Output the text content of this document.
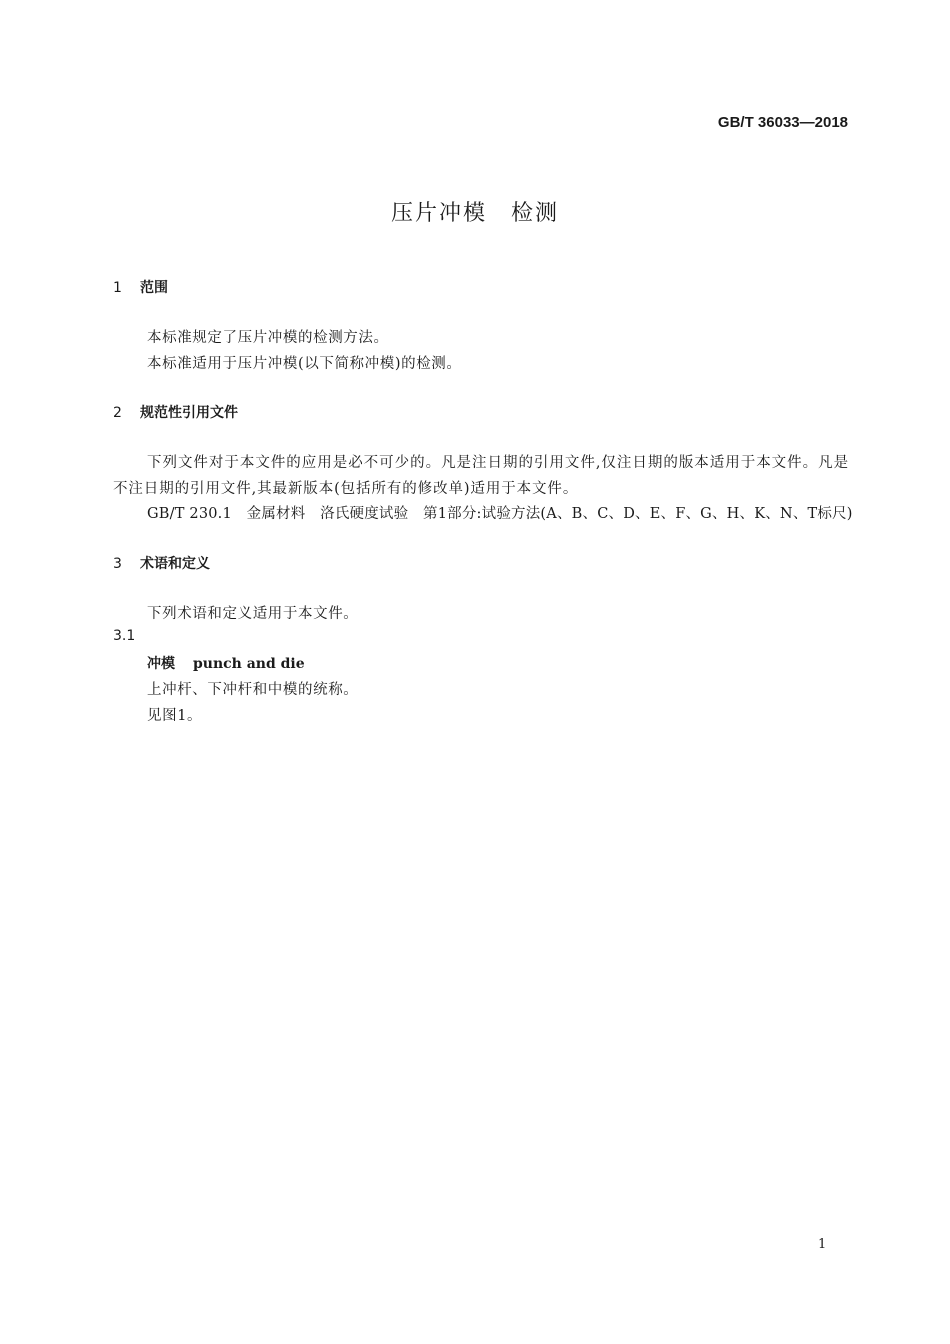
GB/T 36033—2018
压片冲模　检测
1 范围
本标准规定了压片冲模的检测方法。
本标准适用于压片冲模(以下简称冲模)的检测。
2 规范性引用文件
下列文件对于本文件的应用是必不可少的。凡是注日期的引用文件,仅注日期的版本适用于本文件。凡是不注日期的引用文件,其最新版本(包括所有的修改单)适用于本文件。
GB/T 230.1　金属材料　洛氏硬度试验　第1部分:试验方法(A、B、C、D、E、F、G、H、K、N、T标尺)
3 术语和定义
下列术语和定义适用于本文件。
3.1
冲模 punch and die
上冲杆、下冲杆和中模的统称。
见图1。
1
